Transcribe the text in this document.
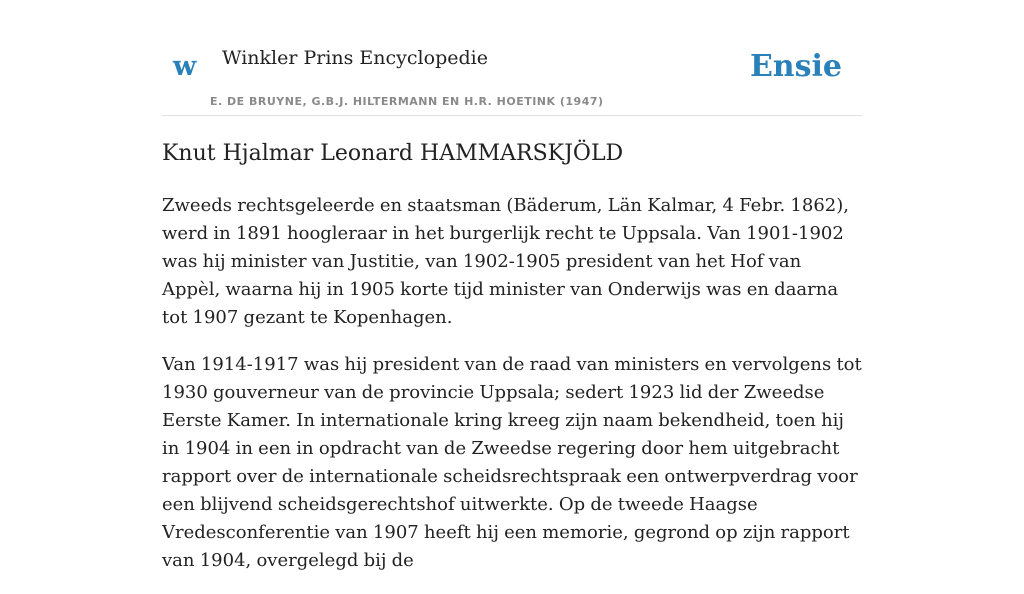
w Winkler Prins Encyclopedie
E. DE BRUYNE, G.B.J. HILTERMANN EN H.R. HOETINK (1947)
Ensie
Knut Hjalmar Leonard HAMMARSKJÖLD

Zweeds rechtsgeleerde en staatsman (Bäderum, Län Kalmar, 4 Febr. 1862), werd in 1891 hoogleraar in het burgerlijk recht te Uppsala. Van 1901-1902 was hij minister van Justitie, van 1902-1905 president van het Hof van Appèl, waarna hij in 1905 korte tijd minister van Onderwijs was en daarna tot 1907 gezant te Kopenhagen.

Van 1914-1917 was hij president van de raad van ministers en vervolgens tot 1930 gouverneur van de provincie Uppsala; sedert 1923 lid der Zweedse Eerste Kamer. In internationale kring kreeg zijn naam bekendheid, toen hij in 1904 in een in opdracht van de Zweedse regering door hem uitgebracht rapport over de internationale scheidsrechtspraak een ontwerpverdrag voor een blijvend scheidsgerechtshof uitwerkte. Op de tweede Haagse Vredesconferentie van 1907 heeft hij een memorie, gegrond op zijn rapport van 1904, overgelegd bij de
